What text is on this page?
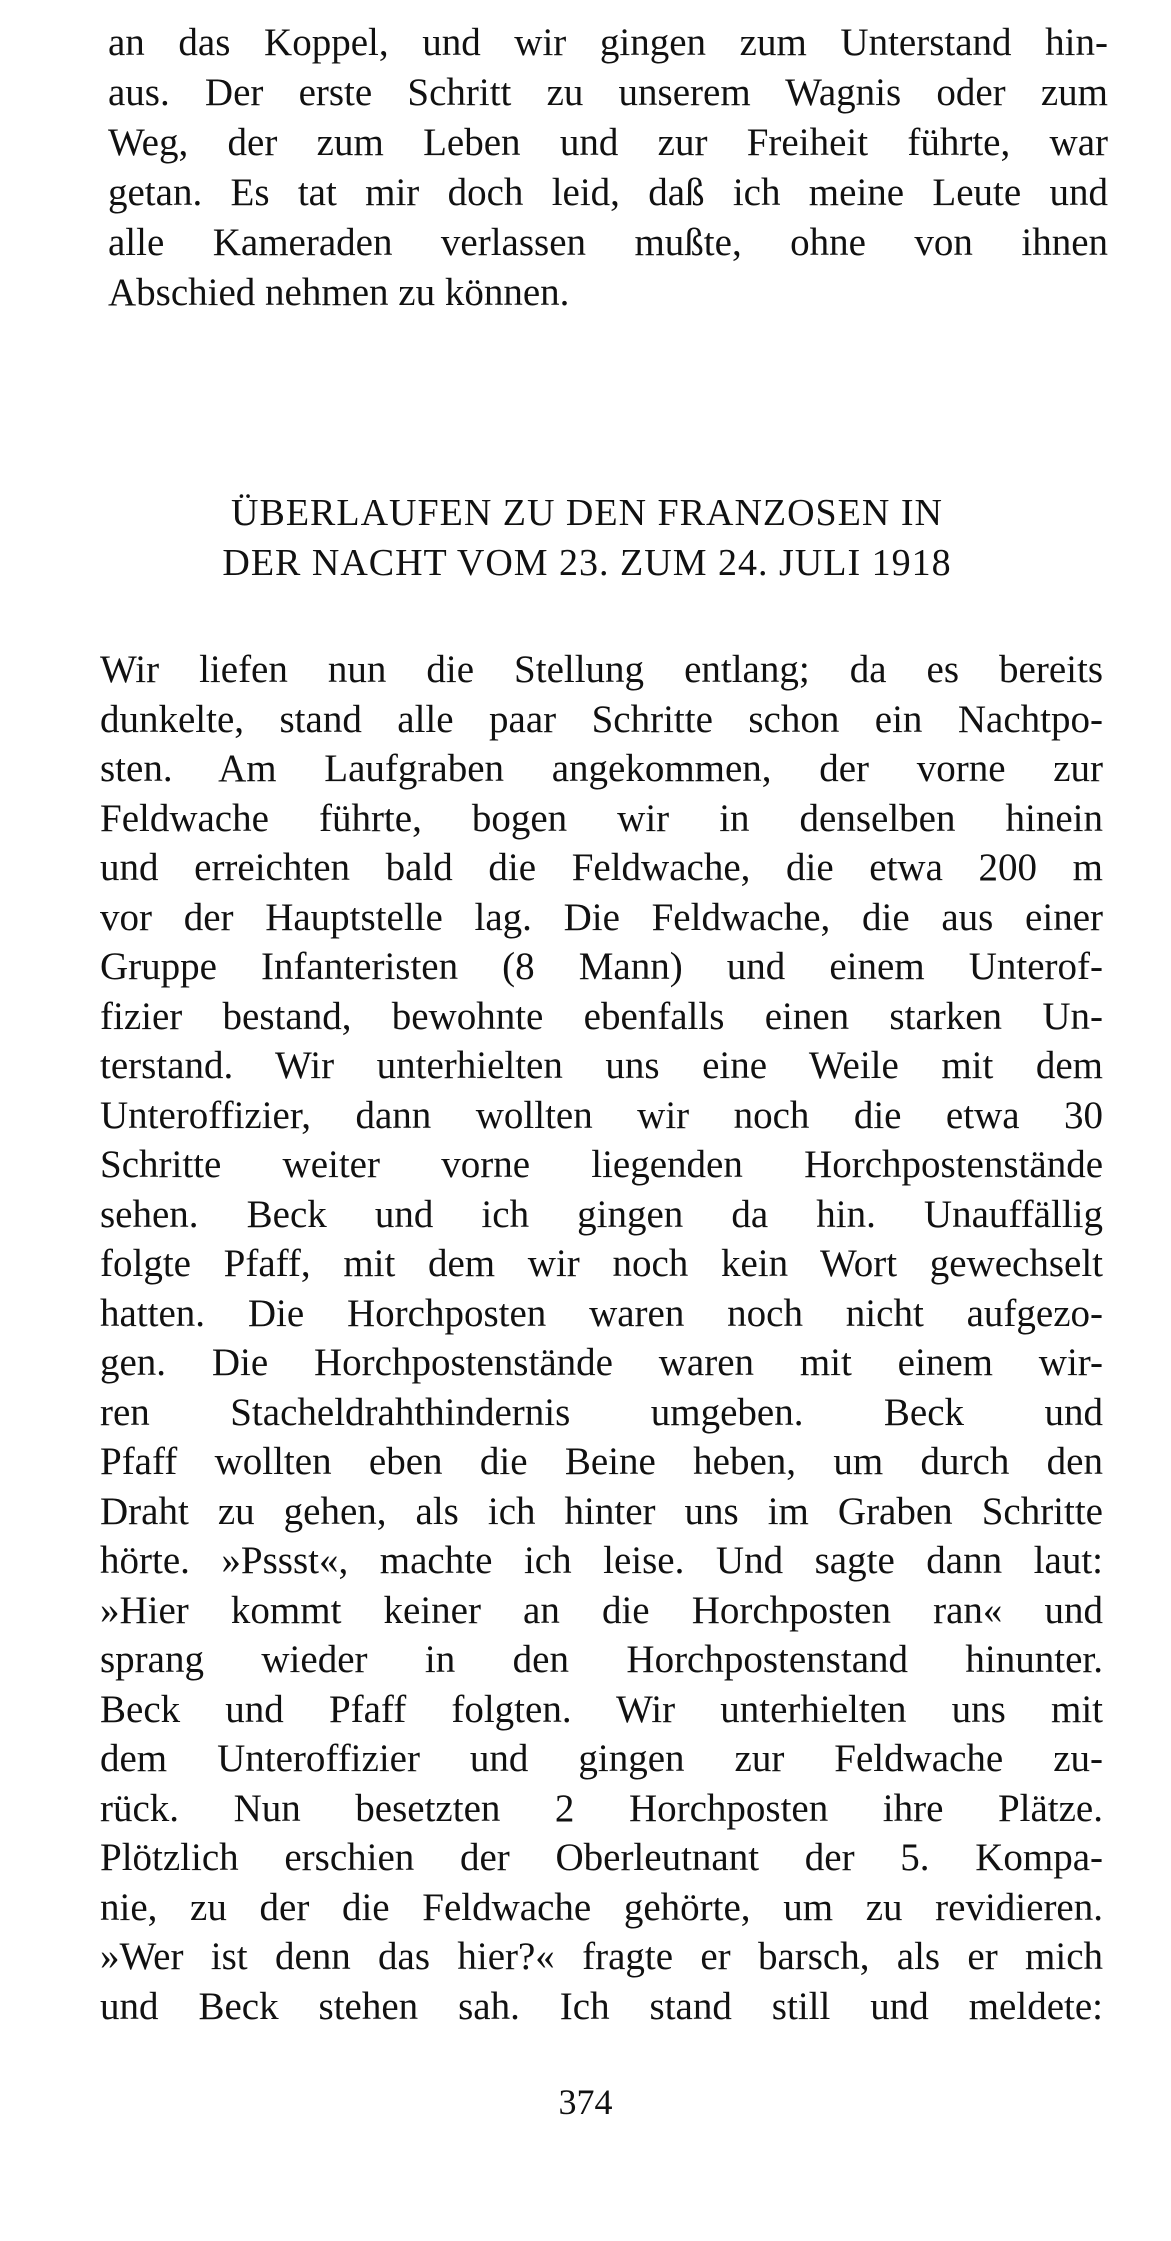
an das Koppel, und wir gingen zum Unterstand hin-
aus. Der erste Schritt zu unserem Wagnis oder zum
Weg, der zum Leben und zur Freiheit führte, war
getan. Es tat mir doch leid, daß ich meine Leute und
alle Kameraden verlassen mußte, ohne von ihnen
Abschied nehmen zu können.
ÜBERLAUFEN ZU DEN FRANZOSEN IN
DER NACHT VOM 23. ZUM 24. JULI 1918
Wir liefen nun die Stellung entlang; da es bereits
dunkelte, stand alle paar Schritte schon ein Nachtpo-
sten. Am Laufgraben angekommen, der vorne zur
Feldwache führte, bogen wir in denselben hinein
und erreichten bald die Feldwache, die etwa 200 m
vor der Hauptstelle lag. Die Feldwache, die aus einer
Gruppe Infanteristen (8 Mann) und einem Unterof-
fizier bestand, bewohnte ebenfalls einen starken Un-
terstand. Wir unterhielten uns eine Weile mit dem
Unteroffizier, dann wollten wir noch die etwa 30
Schritte weiter vorne liegenden Horchpostenstände
sehen. Beck und ich gingen da hin. Unauffällig
folgte Pfaff, mit dem wir noch kein Wort gewechselt
hatten. Die Horchposten waren noch nicht aufgezo-
gen. Die Horchpostenstände waren mit einem wir-
ren Stacheldrahthindernis umgeben. Beck und
Pfaff wollten eben die Beine heben, um durch den
Draht zu gehen, als ich hinter uns im Graben Schritte
hörte. »Pssst«, machte ich leise. Und sagte dann laut:
»Hier kommt keiner an die Horchposten ran« und
sprang wieder in den Horchpostenstand hinunter.
Beck und Pfaff folgten. Wir unterhielten uns mit
dem Unteroffizier und gingen zur Feldwache zu-
rück. Nun besetzten 2 Horchposten ihre Plätze.
Plötzlich erschien der Oberleutnant der 5. Kompa-
nie, zu der die Feldwache gehörte, um zu revidieren.
»Wer ist denn das hier?« fragte er barsch, als er mich
und Beck stehen sah. Ich stand still und meldete:
374
